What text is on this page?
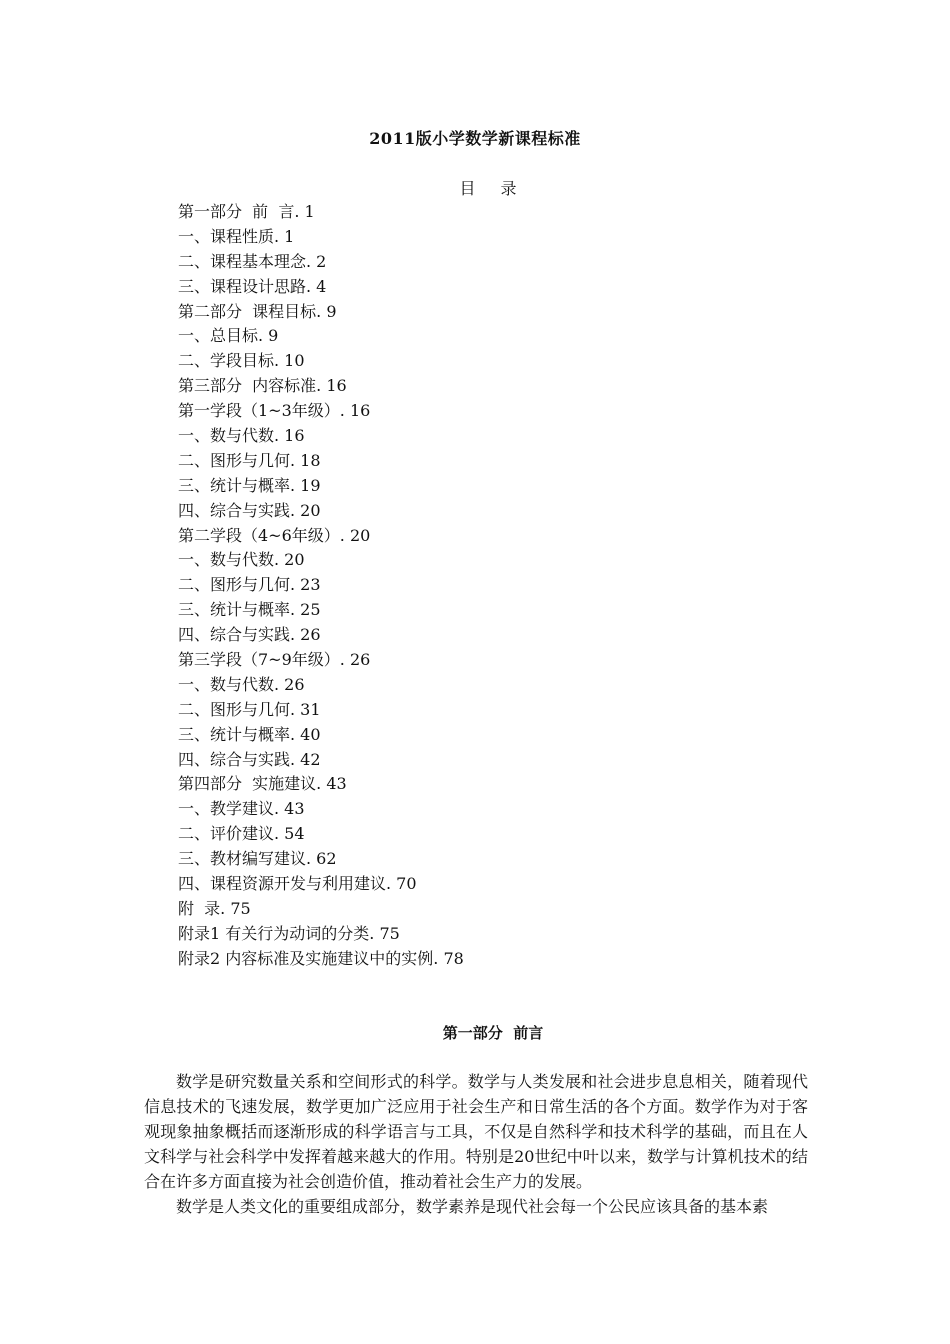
2011版小学数学新课程标准
目 录
第一部分  前  言. 1
一、课程性质. 1
二、课程基本理念. 2
三、课程设计思路. 4
第二部分  课程目标. 9
一、总目标. 9
二、学段目标. 10
第三部分  内容标准. 16
第一学段（1~3年级）. 16
一、数与代数. 16
二、图形与几何. 18
三、统计与概率. 19
四、综合与实践. 20
第二学段（4~6年级）. 20
一、数与代数. 20
二、图形与几何. 23
三、统计与概率. 25
四、综合与实践. 26
第三学段（7~9年级）. 26
一、数与代数. 26
二、图形与几何. 31
三、统计与概率. 40
四、综合与实践. 42
第四部分  实施建议. 43
一、教学建议. 43
二、评价建议. 54
三、教材编写建议. 62
四、课程资源开发与利用建议. 70
附  录. 75
附录1 有关行为动词的分类. 75
附录2 内容标准及实施建议中的实例. 78
第一部分  前言

数学是研究数量关系和空间形式的科学。数学与人类发展和社会进步息息相关，随着现代信息技术的飞速发展，数学更加广泛应用于社会生产和日常生活的各个方面。数学作为对于客观现象抽象概括而逐渐形成的科学语言与工具，不仅是自然科学和技术科学的基础，而且在人文科学与社会科学中发挥着越来越大的作用。特别是20世纪中叶以来，数学与计算机技术的结合在许多方面直接为社会创造价值，推动着社会生产力的发展。

数学是人类文化的重要组成部分，数学素养是现代社会每一个公民应该具备的基本素
